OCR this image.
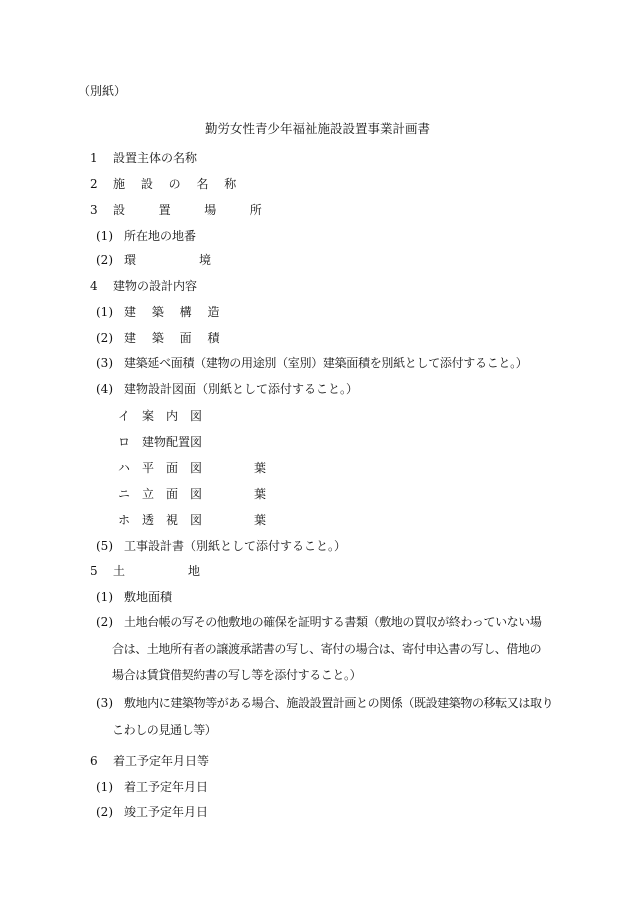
（別紙）
勤労女性青少年福祉施設設置事業計画書
1 設置主体の名称
2 施 設 の 名 称
3 設　置　場　所
(1) 所在地の地番
(2) 環	境
4 建物の設計内容
(1) 建 築 構 造
(2) 建 築 面 積
(3) 建築延べ面積（建物の用途別（室別）建築面積を別紙として添付すること。）
(4) 建物設計図面（別紙として添付すること。）
イ 案　内　図
ロ 建物配置図
ハ 平　面　図	葉
ニ 立　面　図	葉
ホ 透　視　図	葉
(5) 工事設計書（別紙として添付すること。）
5 土	地
(1) 敷地面積
(2) 土地台帳の写その他敷地の確保を証明する書類（敷地の買収が終わっていない場
合は、土地所有者の譲渡承諾書の写し、寄付の場合は、寄付申込書の写し、借地の
場合は賃貸借契約書の写し等を添付すること。）
(3) 敷地内に建築物等がある場合、施設設置計画との関係（既設建築物の移転又は取り
こわしの見通し等）
6 着工予定年月日等
(1) 着工予定年月日
(2) 竣工予定年月日
